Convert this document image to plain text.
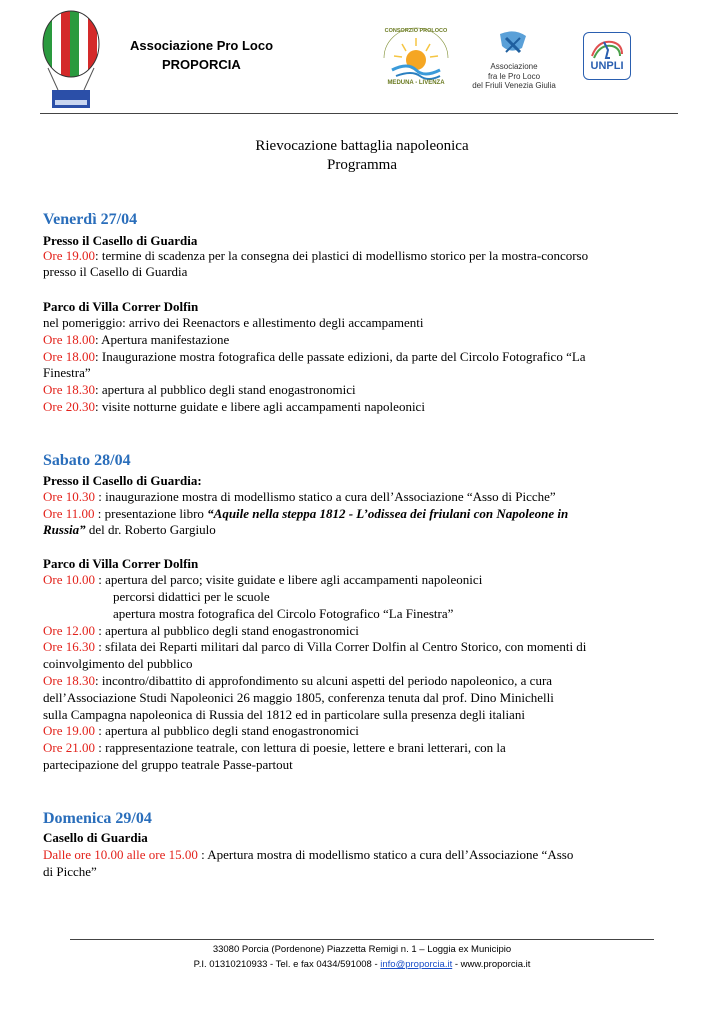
Associazione Pro Loco
PROPORCIA
CONSORZIO PROLOCO
MEDUNA - LIVENZA
Associazione
fra le Pro Loco
del Friuli Venezia Giulia
UNPLI
Rievocazione battaglia napoleonica
Programma
Venerdì 27/04
Presso il Casello di Guardia
Ore 19.00: termine di scadenza per la consegna dei plastici di modellismo storico per la mostra-concorso
presso il Casello di Guardia
Parco di Villa Correr Dolfin
nel pomeriggio: arrivo dei Reenactors e allestimento degli accampamenti
Ore 18.00: Apertura manifestazione
Ore 18.00: Inaugurazione mostra fotografica delle passate edizioni, da parte del Circolo Fotografico “La
Finestra”
Ore 18.30: apertura al pubblico degli stand enogastronomici
Ore 20.30: visite notturne guidate e libere agli accampamenti napoleonici
Sabato 28/04
Presso il Casello di Guardia:
Ore 10.30 : inaugurazione mostra di modellismo statico a cura dell’Associazione “Asso di Picche”
Ore 11.00 : presentazione libro “Aquile nella steppa 1812 - L’odissea dei friulani con Napoleone in
Russia” del dr. Roberto Gargiulo
Parco di Villa Correr Dolfin
Ore 10.00 : apertura del parco; visite guidate e libere agli accampamenti napoleonici
percorsi didattici per le scuole
apertura mostra fotografica del Circolo Fotografico “La Finestra”
Ore 12.00 : apertura al pubblico degli stand enogastronomici
Ore 16.30 : sfilata dei Reparti militari dal parco di Villa Correr Dolfin al Centro Storico, con momenti di
coinvolgimento del pubblico
Ore 18.30: incontro/dibattito di approfondimento su alcuni aspetti del periodo napoleonico, a cura
dell’Associazione Studi Napoleonici 26 maggio 1805, conferenza tenuta dal prof. Dino Minichelli
sulla Campagna napoleonica di Russia del 1812 ed in particolare sulla presenza degli italiani
Ore 19.00 : apertura al pubblico degli stand enogastronomici
Ore 21.00 : rappresentazione teatrale, con lettura di poesie, lettere e brani letterari, con la
partecipazione del gruppo teatrale Passe-partout
Domenica 29/04
Casello di Guardia
Dalle ore 10.00 alle ore 15.00 : Apertura mostra di modellismo statico a cura dell’Associazione “Asso
di Picche”
33080 Porcia (Pordenone) Piazzetta Remigi n. 1 – Loggia ex Municipio
P.I. 01310210933 - Tel. e fax 0434/591008 - info@proporcia.it - www.proporcia.it
